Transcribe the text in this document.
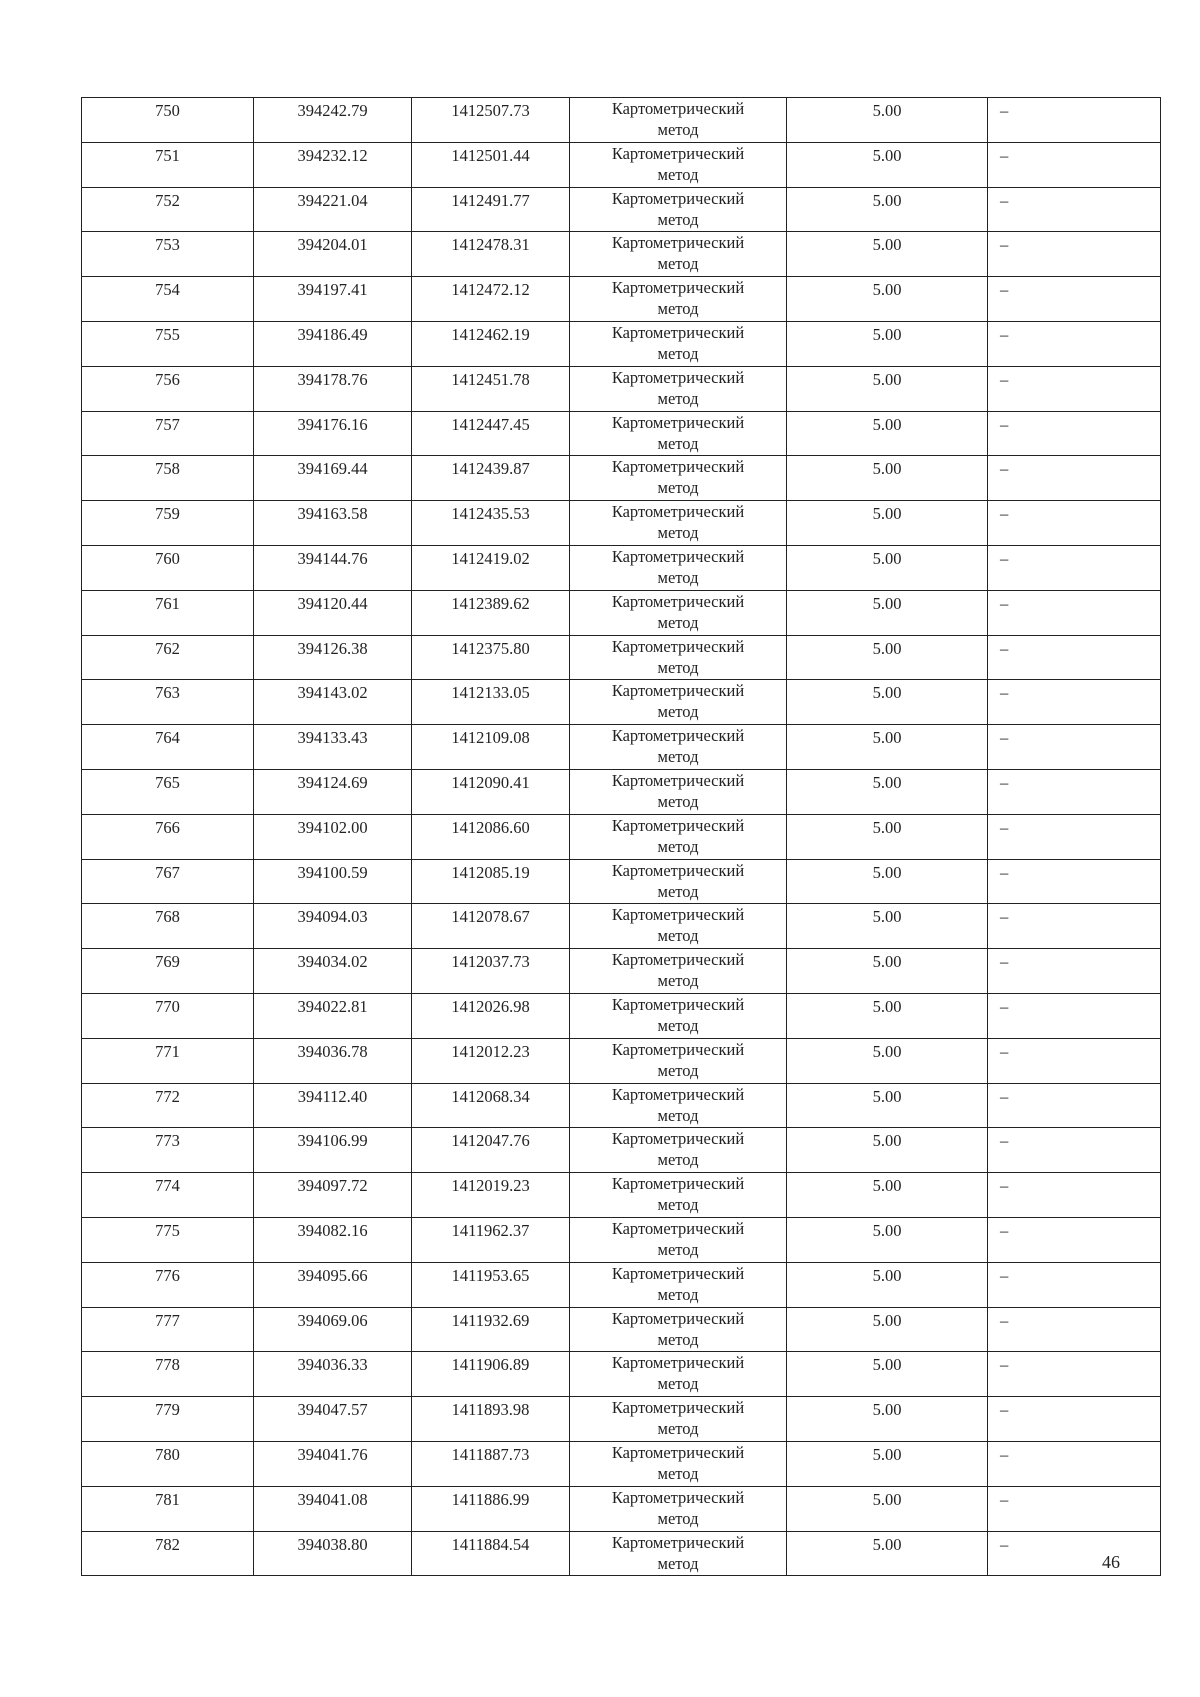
750	394242.79	1412507.73	Картометрический
метод	5.00	–

751	394232.12	1412501.44	Картометрический
метод	5.00	–

752	394221.04	1412491.77	Картометрический
метод	5.00	–

753	394204.01	1412478.31	Картометрический
метод	5.00	–

754	394197.41	1412472.12	Картометрический
метод	5.00	–

755	394186.49	1412462.19	Картометрический
метод	5.00	–

756	394178.76	1412451.78	Картометрический
метод	5.00	–

757	394176.16	1412447.45	Картометрический
метод	5.00	–

758	394169.44	1412439.87	Картометрический
метод	5.00	–

759	394163.58	1412435.53	Картометрический
метод	5.00	–

760	394144.76	1412419.02	Картометрический
метод	5.00	–

761	394120.44	1412389.62	Картометрический
метод	5.00	–

762	394126.38	1412375.80	Картометрический
метод	5.00	–

763	394143.02	1412133.05	Картометрический
метод	5.00	–

764	394133.43	1412109.08	Картометрический
метод	5.00	–

765	394124.69	1412090.41	Картометрический
метод	5.00	–

766	394102.00	1412086.60	Картометрический
метод	5.00	–

767	394100.59	1412085.19	Картометрический
метод	5.00	–

768	394094.03	1412078.67	Картометрический
метод	5.00	–

769	394034.02	1412037.73	Картометрический
метод	5.00	–

770	394022.81	1412026.98	Картометрический
метод	5.00	–

771	394036.78	1412012.23	Картометрический
метод	5.00	–

772	394112.40	1412068.34	Картометрический
метод	5.00	–

773	394106.99	1412047.76	Картометрический
метод	5.00	–

774	394097.72	1412019.23	Картометрический
метод	5.00	–

775	394082.16	1411962.37	Картометрический
метод	5.00	–

776	394095.66	1411953.65	Картометрический
метод	5.00	–

777	394069.06	1411932.69	Картометрический
метод	5.00	–

778	394036.33	1411906.89	Картометрический
метод	5.00	–

779	394047.57	1411893.98	Картометрический
метод	5.00	–

780	394041.76	1411887.73	Картометрический
метод	5.00	–

781	394041.08	1411886.99	Картометрический
метод	5.00	–

782	394038.80	1411884.54	Картометрический
метод	5.00	–
46
